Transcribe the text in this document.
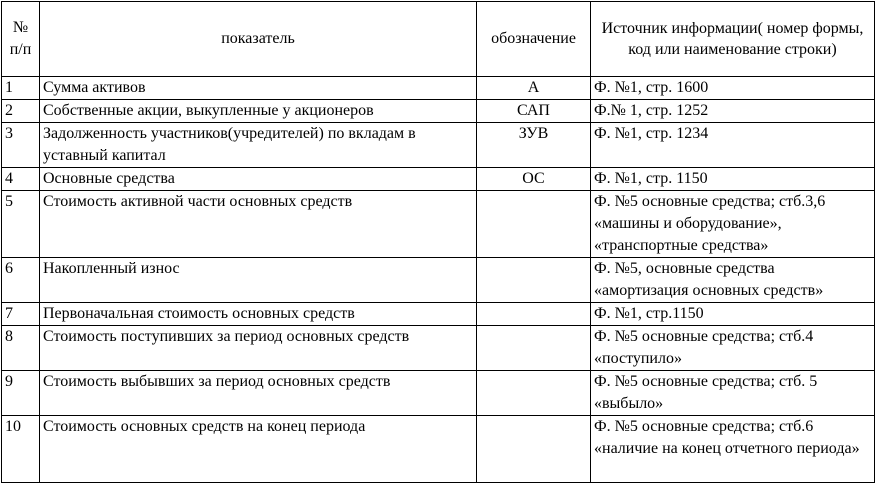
№ п/п	показатель	обозначение	Источник информации( номер формы, код или наименование строки)
1	Сумма активов	А	Ф. №1, стр. 1600
2	Собственные акции, выкупленные у акционеров	САП	Ф.№ 1, стр. 1252
3	Задолженность участников(учредителей) по вкладам в уставный капитал	ЗУВ	Ф. №1, стр. 1234
4	Основные средства	ОС	Ф. №1, стр. 1150
5	Стоимость активной части основных средств		Ф. №5 основные средства; стб.3,6 «машины и оборудование», «транспортные средства»
6	Накопленный износ		Ф. №5, основные средства «амортизация основных средств»
7	Первоначальная стоимость основных средств		Ф. №1, стр.1150
8	Стоимость поступивших за период основных средств		Ф. №5 основные средства; стб.4 «поступило»
9	Стоимость выбывших за период основных средств		Ф. №5 основные средства; стб. 5 «выбыло»
10	Стоимость основных средств на конец периода		Ф. №5 основные средства; стб.6 «наличие на конец отчетного периода»
